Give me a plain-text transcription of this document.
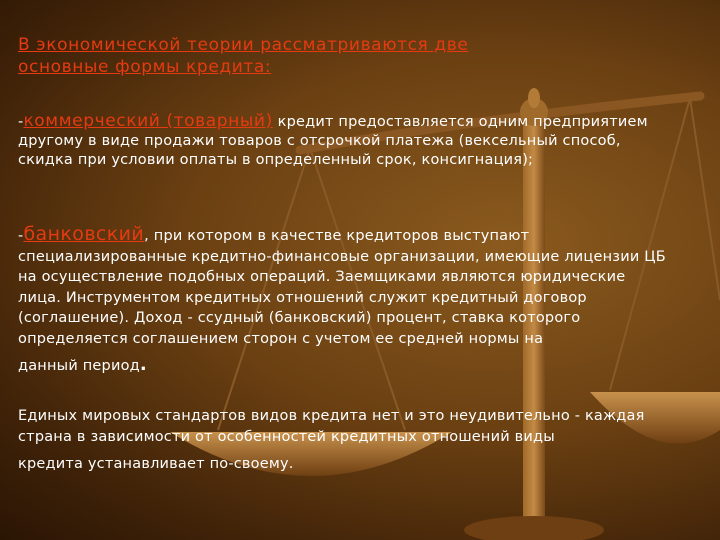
В экономической теории рассматриваются две
основные формы кредита:
-коммерческий (товарный) кредит предоставляется одним предприятием другому в виде продажи товаров с отсрочкой платежа (вексельный способ, скидка при условии оплаты в определенный срок, консигнация);
-банковский, при котором в качестве кредиторов выступают специализированные кредитно-финансовые организации, имеющие лицензии ЦБ на осуществление подобных операций. Заемщиками являются юридические лица. Инструментом кредитных отношений служит кредитный договор (соглашение). Доход - ссудный (банковский) процент, ставка которого определяется соглашением сторон с учетом ее средней нормы на
данный период.
Единых мировых стандартов видов кредита нет и это неудивительно - каждая страна в зависимости от особенностей кредитных отношений виды
кредита устанавливает по-своему.
